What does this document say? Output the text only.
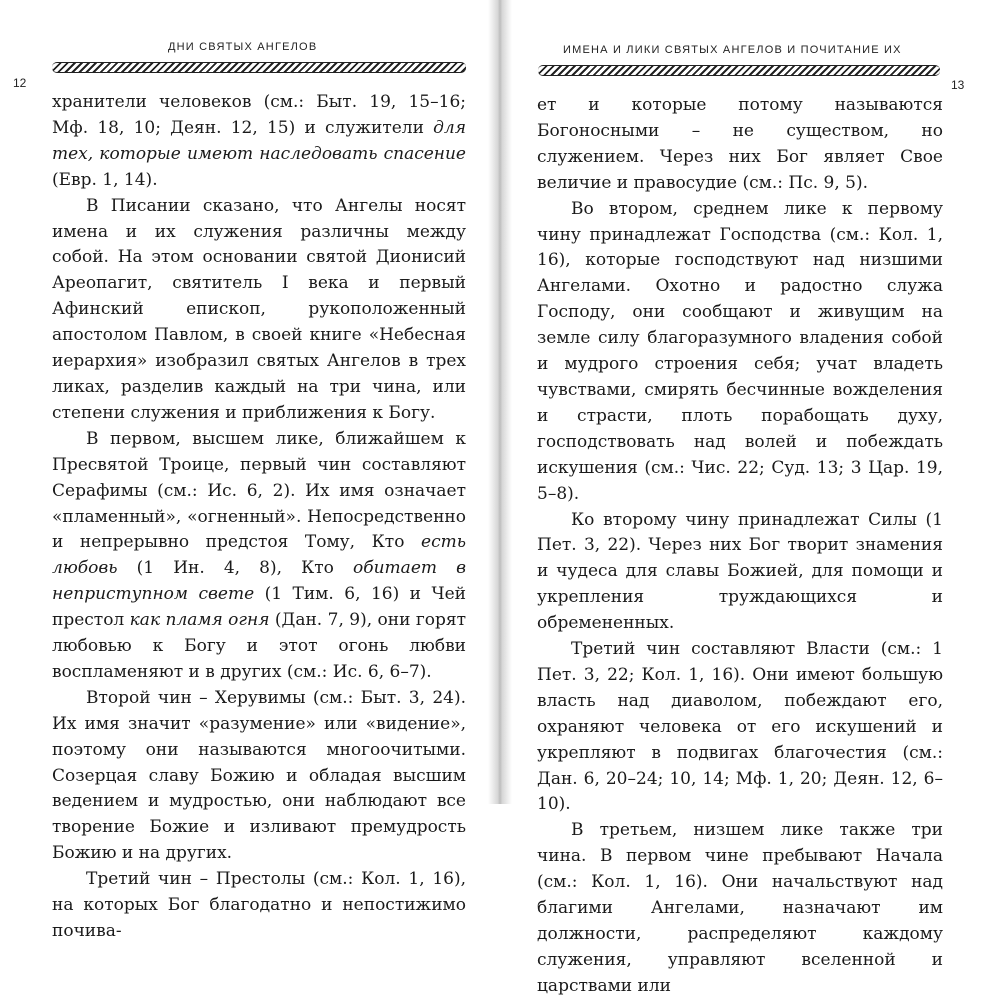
ДНИ СВЯТЫХ АНГЕЛОВ
12

хранители человеков (см.: Быт. 19, 15–16; Мф. 18, 10; Деян. 12, 15) и служители для тех, которые имеют наследовать спасение (Евр. 1, 14).

В Писании сказано, что Ангелы носят имена и их служения различны между собой. На этом основании святой Дионисий Ареопагит, святитель I века и первый Афинский епископ, рукоположенный апостолом Павлом, в своей книге «Небесная иерархия» изобразил святых Ангелов в трех ликах, разделив каждый на три чина, или степени служения и приближения к Богу.

В первом, высшем лике, ближайшем к Пресвятой Троице, первый чин составляют Серафимы (см.: Ис. 6, 2). Их имя означает «пламенный», «огненный». Непосредственно и непрерывно предстоя Тому, Кто есть любовь (1 Ин. 4, 8), Кто обитает в неприступном свете (1 Тим. 6, 16) и Чей престол как пламя огня (Дан. 7, 9), они горят любовью к Богу и этот огонь любви воспламеняют и в других (см.: Ис. 6, 6–7).

Второй чин – Херувимы (см.: Быт. 3, 24). Их имя значит «разумение» или «видение», поэтому они называются многоочитыми. Созерцая славу Божию и обладая высшим ведением и мудростью, они наблюдают все творение Божие и изливают премудрость Божию и на других.

Третий чин – Престолы (см.: Кол. 1, 16), на которых Бог благодатно и непостижимо почива-

ИМЕНА И ЛИКИ СВЯТЫХ АНГЕЛОВ И ПОЧИТАНИЕ ИХ
13

ет и которые потому называются Богоносными – не существом, но служением. Через них Бог являет Свое величие и правосудие (см.: Пс. 9, 5).

Во втором, среднем лике к первому чину принадлежат Господства (см.: Кол. 1, 16), которые господствуют над низшими Ангелами. Охотно и радостно служа Господу, они сообщают и живущим на земле силу благоразумного владения собой и мудрого строения себя; учат владеть чувствами, смирять бесчинные вожделения и страсти, плоть порабощать духу, господствовать над волей и побеждать искушения (см.: Чис. 22; Суд. 13; 3 Цар. 19, 5–8).

Ко второму чину принадлежат Силы (1 Пет. 3, 22). Через них Бог творит знамения и чудеса для славы Божией, для помощи и укрепления труждающихся и обремененных.

Третий чин составляют Власти (см.: 1 Пет. 3, 22; Кол. 1, 16). Они имеют большую власть над диаволом, побеждают его, охраняют человека от его искушений и укрепляют в подвигах благочестия (см.: Дан. 6, 20–24; 10, 14; Мф. 1, 20; Деян. 12, 6–10).

В третьем, низшем лике также три чина. В первом чине пребывают Начала (см.: Кол. 1, 16). Они начальствуют над благими Ангелами, назначают им должности, распределяют каждому служения, управляют вселенной и царствами или
